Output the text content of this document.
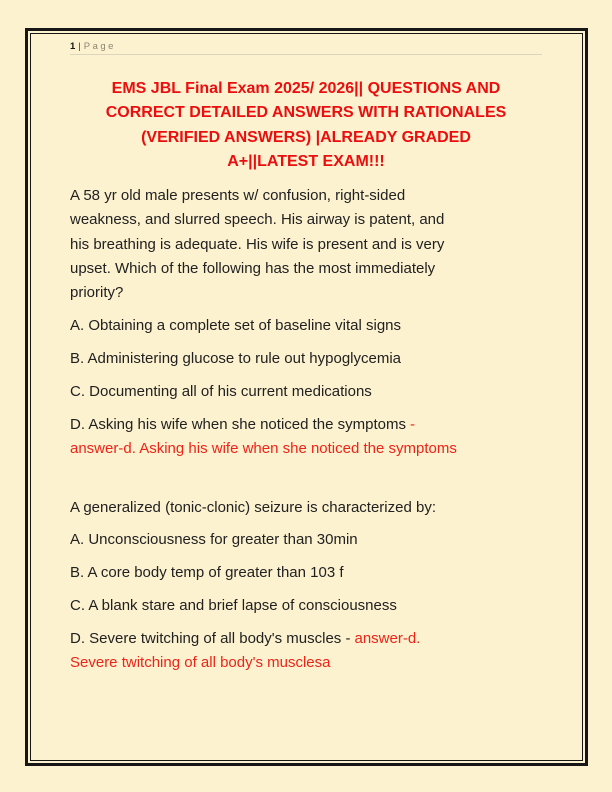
1 | Page
EMS JBL Final Exam 2025/ 2026|| QUESTIONS AND
CORRECT DETAILED ANSWERS WITH RATIONALES
(VERIFIED ANSWERS) |ALREADY GRADED
A+||LATEST EXAM!!!
A 58 yr old male presents w/ confusion, right-sided
weakness, and slurred speech. His airway is patent, and
his breathing is adequate. His wife is present and is very
upset. Which of the following has the most immediately
priority?
A. Obtaining a complete set of baseline vital signs
B. Administering glucose to rule out hypoglycemia
C. Documenting all of his current medications
D. Asking his wife when she noticed the symptoms -
answer-d. Asking his wife when she noticed the symptoms
A generalized (tonic-clonic) seizure is characterized by:
A. Unconsciousness for greater than 30min
B. A core body temp of greater than 103 f
C. A blank stare and brief lapse of consciousness
D. Severe twitching of all body's muscles - answer-d.
Severe twitching of all body's musclesa
